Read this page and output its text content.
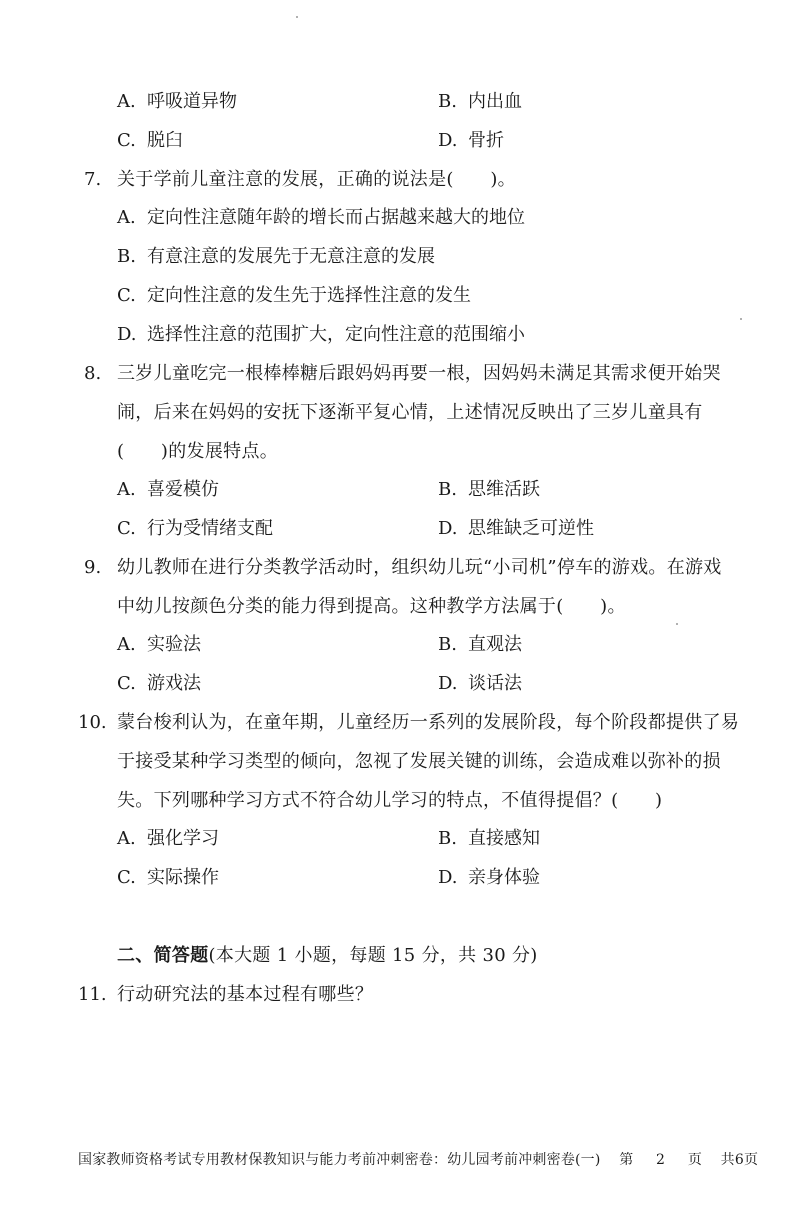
A. 呼吸道异物	B. 内出血
C. 脱臼	D. 骨折
7. 关于学前儿童注意的发展，正确的说法是(　　)。
A. 定向性注意随年龄的增长而占据越来越大的地位
B. 有意注意的发展先于无意注意的发展
C. 定向性注意的发生先于选择性注意的发生
D. 选择性注意的范围扩大，定向性注意的范围缩小
8. 三岁儿童吃完一根棒棒糖后跟妈妈再要一根，因妈妈未满足其需求便开始哭
闹，后来在妈妈的安抚下逐渐平复心情，上述情况反映出了三岁儿童具有
(　　)的发展特点。
A. 喜爱模仿	B. 思维活跃
C. 行为受情绪支配	D. 思维缺乏可逆性
9. 幼儿教师在进行分类教学活动时，组织幼儿玩“小司机”停车的游戏。在游戏
中幼儿按颜色分类的能力得到提高。这种教学方法属于(　　)。
A. 实验法	B. 直观法
C. 游戏法	D. 谈话法
10. 蒙台梭利认为，在童年期，儿童经历一系列的发展阶段，每个阶段都提供了易
于接受某种学习类型的倾向，忽视了发展关键的训练，会造成难以弥补的损
失。下列哪种学习方式不符合幼儿学习的特点，不值得提倡？(　　)
A. 强化学习	B. 直接感知
C. 实际操作	D. 亲身体验
二、简答题(本大题 1 小题，每题 15 分，共 30 分)
11. 行动研究法的基本过程有哪些？
国家教师资格考试专用教材保教知识与能力考前冲刺密卷：幼儿园考前冲刺密卷(一) 第 2 页 共6页
